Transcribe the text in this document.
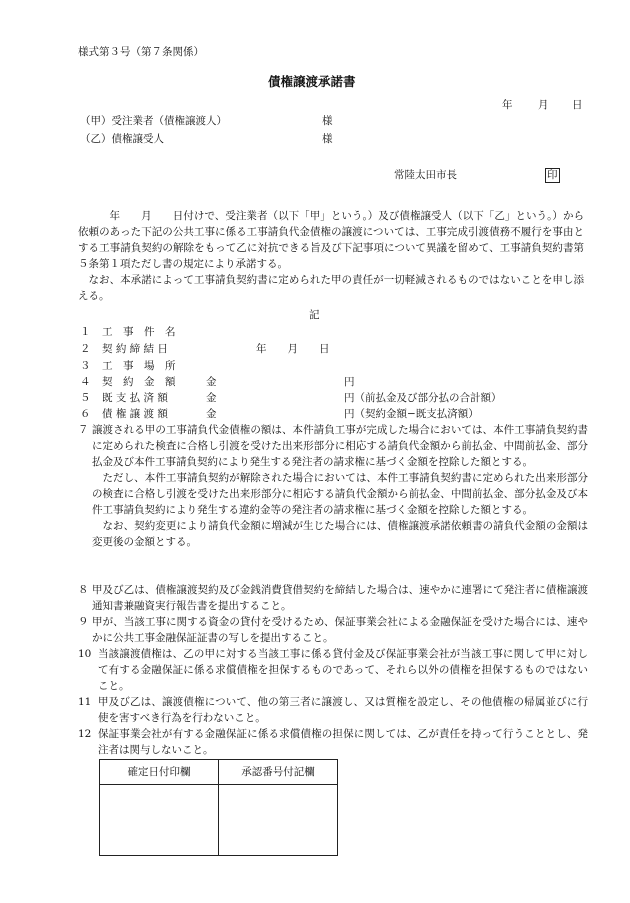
様式第３号（第７条関係）
債権譲渡承諾書
年 月 日
（甲）受注業者（債権譲渡人）	様
（乙）債権譲受人	様
常陸太田市長	印

年　　月　　日付けで、受注業者（以下「甲」という。）及び債権譲受人（以下「乙」という。）から依頼のあった下記の公共工事に係る工事請負代金債権の譲渡については、工事完成引渡債務不履行を事由とする工事請負契約の解除をもって乙に対抗できる旨及び下記事項について異議を留めて、工事請負契約書第５条第１項ただし書の規定により承諾する。

なお、本承諾によって工事請負契約書に定められた甲の責任が一切軽減されるものではないことを申し添える。

記
１ 工　事　件　名
２ 契 約 締 結 日	年　　月　　日
３ 工　事　場　所
４ 契　約　金　額	金	円
５ 既 支 払 済 額	金	円（前払金及び部分払の合計額）
６ 債 権 譲 渡 額	金	円（契約金額−既支払済額）
７ 譲渡される甲の工事請負代金債権の額は、本件請負工事が完成した場合においては、本件工事請負契約書に定められた検査に合格し引渡を受けた出来形部分に相応する請負代金額から前払金、中間前払金、部分払金及び本件工事請負契約により発生する発注者の請求権に基づく金額を控除した額とする。

ただし、本件工事請負契約が解除された場合においては、本件工事請負契約書に定められた出来形部分の検査に合格し引渡を受けた出来形部分に相応する請負代金額から前払金、中間前払金、部分払金及び本件工事請負契約により発生する違約金等の発注者の請求権に基づく金額を控除した額とする。

なお、契約変更により請負代金額に増減が生じた場合には、債権譲渡承諾依頼書の請負代金額の金額は変更後の金額とする。

８ 甲及び乙は、債権譲渡契約及び金銭消費貸借契約を締結した場合は、速やかに連署にて発注者に債権譲渡通知書兼融資実行報告書を提出すること。

９ 甲が、当該工事に関する資金の貸付を受けるため、保証事業会社による金融保証を受けた場合には、速やかに公共工事金融保証証書の写しを提出すること。

10 当該譲渡債権は、乙の甲に対する当該工事に係る貸付金及び保証事業会社が当該工事に関して甲に対して有する金融保証に係る求償債権を担保するものであって、それら以外の債権を担保するものではないこと。

11 甲及び乙は、譲渡債権について、他の第三者に譲渡し、又は質権を設定し、その他債権の帰属並びに行使を害すべき行為を行わないこと。

12 保証事業会社が有する金融保証に係る求償債権の担保に関しては、乙が責任を持って行うこととし、発注者は関与しないこと。

確定日付印欄	承認番号付記欄
